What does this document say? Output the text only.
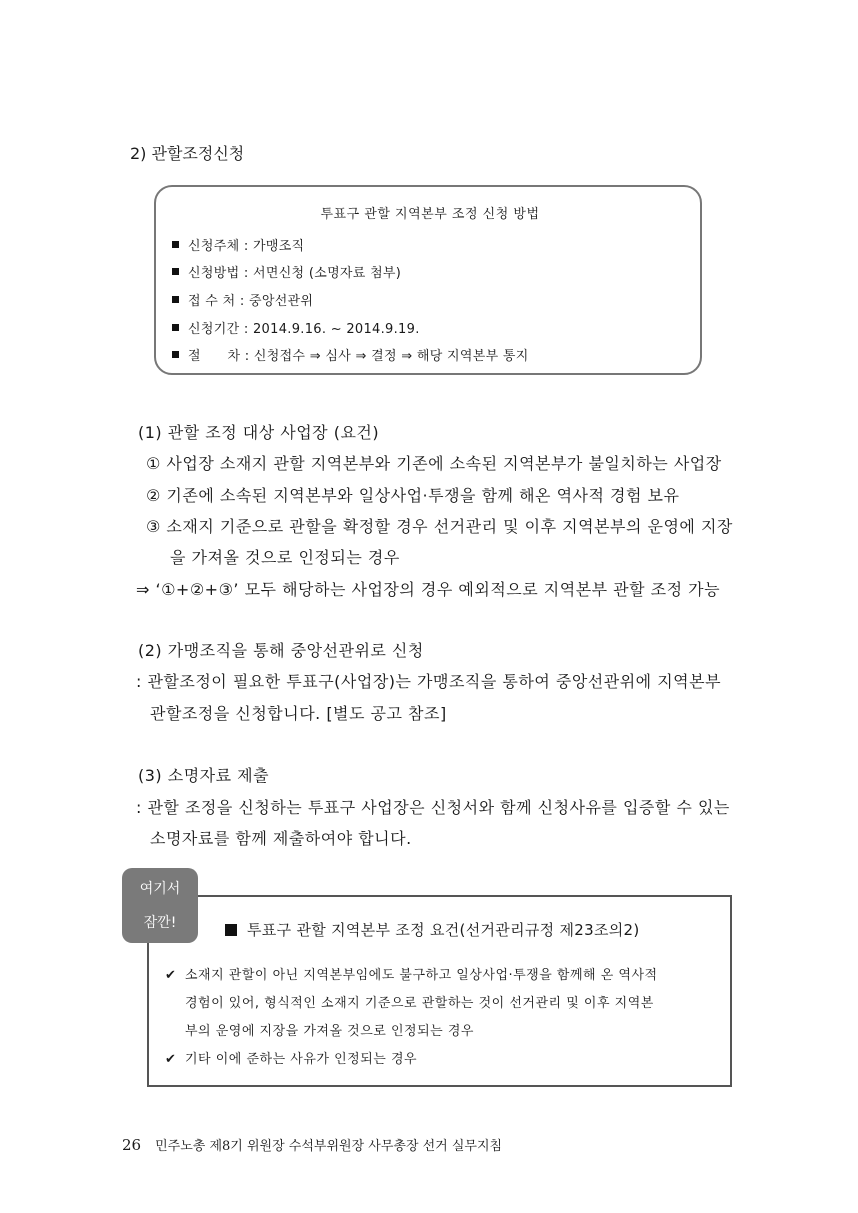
2) 관할조정신청
투표구 관할 지역본부 조정 신청 방법
신청주체 : 가맹조직
신청방법 : 서면신청 (소명자료 첨부)
접 수 처 : 중앙선관위
신청기간 : 2014.9.16. ~ 2014.9.19.
절      차 : 신청접수 ⇒ 심사 ⇒ 결정 ⇒ 해당 지역본부 통지
(1) 관할 조정 대상 사업장 (요건)
① 사업장 소재지 관할 지역본부와 기존에 소속된 지역본부가 불일치하는 사업장
② 기존에 소속된 지역본부와 일상사업·투쟁을 함께 해온 역사적 경험 보유
③ 소재지 기준으로 관할을 확정할 경우 선거관리 및 이후 지역본부의 운영에 지장
을 가져올 것으로 인정되는 경우
⇒ ‘①+②+③’ 모두 해당하는 사업장의 경우 예외적으로 지역본부 관할 조정 가능
(2) 가맹조직을 통해 중앙선관위로 신청
: 관할조정이 필요한 투표구(사업장)는 가맹조직을 통하여 중앙선관위에 지역본부
관할조정을 신청합니다. [별도 공고 참조]
(3) 소명자료 제출
: 관할 조정을 신청하는 투표구 사업장은 신청서와 함께 신청사유를 입증할 수 있는
소명자료를 함께 제출하여야 합니다.
투표구 관할 지역본부 조정 요건(선거관리규정 제23조의2)
✔ 소재지 관할이 아닌 지역본부임에도 불구하고 일상사업·투쟁을 함께해 온 역사적
경험이 있어, 형식적인 소재지 기준으로 관할하는 것이 선거관리 및 이후 지역본
부의 운영에 지장을 가져올 것으로 인정되는 경우
✔ 기타 이에 준하는 사유가 인정되는 경우
여기서
잠깐!
26 민주노총 제8기 위원장 수석부위원장 사무총장 선거 실무지침
